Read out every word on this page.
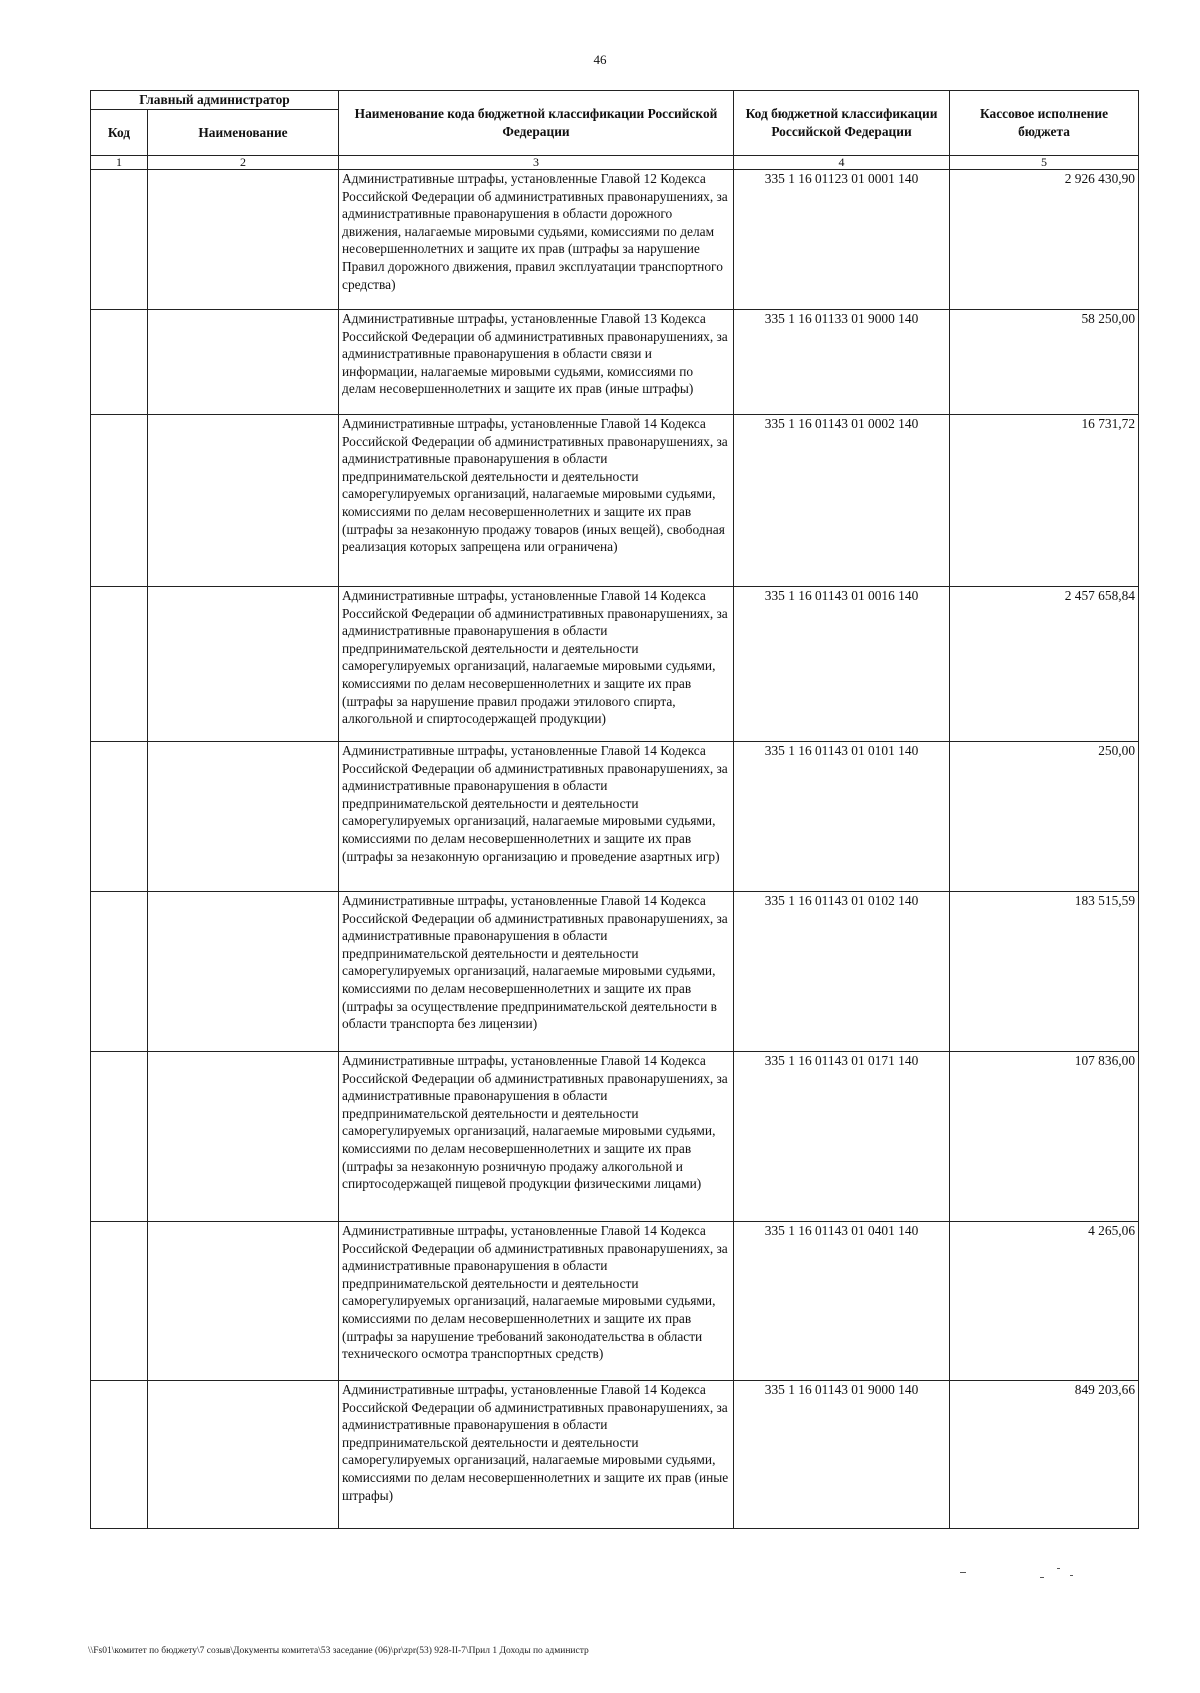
46
Главный администратор		Наименование кода бюджетной классификации Российской Федерации	Код бюджетной классификации Российской Федерации	Кассовое исполнение бюджета
Код	Наименование			
1	2	3	4	5
		Административные штрафы, установленные Главой 12 Кодекса Российской Федерации об административных правонарушениях, за административные правонарушения в области дорожного движения, налагаемые мировыми судьями, комиссиями по делам несовершеннолетних и защите их прав (штрафы за нарушение Правил дорожного движения, правил эксплуатации транспортного средства)	335 1 16 01123 01 0001 140	2 926 430,90
		Административные штрафы, установленные Главой 13 Кодекса Российской Федерации об административных правонарушениях, за административные правонарушения в области связи и информации, налагаемые мировыми судьями, комиссиями по делам несовершеннолетних и защите их прав (иные штрафы)	335 1 16 01133 01 9000 140	58 250,00
		Административные штрафы, установленные Главой 14 Кодекса Российской Федерации об административных правонарушениях, за административные правонарушения в области предпринимательской деятельности и деятельности саморегулируемых организаций, налагаемые мировыми судьями, комиссиями по делам несовершеннолетних и защите их прав (штрафы за незаконную продажу товаров (иных вещей), свободная реализация которых запрещена или ограничена)	335 1 16 01143 01 0002 140	16 731,72
		Административные штрафы, установленные Главой 14 Кодекса Российской Федерации об административных правонарушениях, за административные правонарушения в области предпринимательской деятельности и деятельности саморегулируемых организаций, налагаемые мировыми судьями, комиссиями по делам несовершеннолетних и защите их прав (штрафы за нарушение правил продажи этилового спирта, алкогольной и спиртосодержащей продукции)	335 1 16 01143 01 0016 140	2 457 658,84
		Административные штрафы, установленные Главой 14 Кодекса Российской Федерации об административных правонарушениях, за административные правонарушения в области предпринимательской деятельности и деятельности саморегулируемых организаций, налагаемые мировыми судьями, комиссиями по делам несовершеннолетних и защите их прав (штрафы за незаконную организацию и проведение азартных игр)	335 1 16 01143 01 0101 140	250,00
		Административные штрафы, установленные Главой 14 Кодекса Российской Федерации об административных правонарушениях, за административные правонарушения в области предпринимательской деятельности и деятельности саморегулируемых организаций, налагаемые мировыми судьями, комиссиями по делам несовершеннолетних и защите их прав (штрафы за осуществление предпринимательской деятельности в области транспорта без лицензии)	335 1 16 01143 01 0102 140	183 515,59
		Административные штрафы, установленные Главой 14 Кодекса Российской Федерации об административных правонарушениях, за административные правонарушения в области предпринимательской деятельности и деятельности саморегулируемых организаций, налагаемые мировыми судьями, комиссиями по делам несовершеннолетних и защите их прав (штрафы за незаконную розничную продажу алкогольной и спиртосодержащей пищевой продукции физическими лицами)	335 1 16 01143 01 0171 140	107 836,00
		Административные штрафы, установленные Главой 14 Кодекса Российской Федерации об административных правонарушениях, за административные правонарушения в области предпринимательской деятельности и деятельности саморегулируемых организаций, налагаемые мировыми судьями, комиссиями по делам несовершеннолетних и защите их прав (штрафы за нарушение требований законодательства в области технического осмотра транспортных средств)	335 1 16 01143 01 0401 140	4 265,06
		Административные штрафы, установленные Главой 14 Кодекса Российской Федерации об административных правонарушениях, за административные правонарушения в области предпринимательской деятельности и деятельности саморегулируемых организаций, налагаемые мировыми судьями, комиссиями по делам несовершеннолетних и защите их прав (иные штрафы)	335 1 16 01143 01 9000 140	849 203,66
\\Fs01\комитет по бюджету\7 созыв\Документы комитета\53 заседание (06)\pr\zpr(53) 928-II-7\Прил 1 Доходы по администр
